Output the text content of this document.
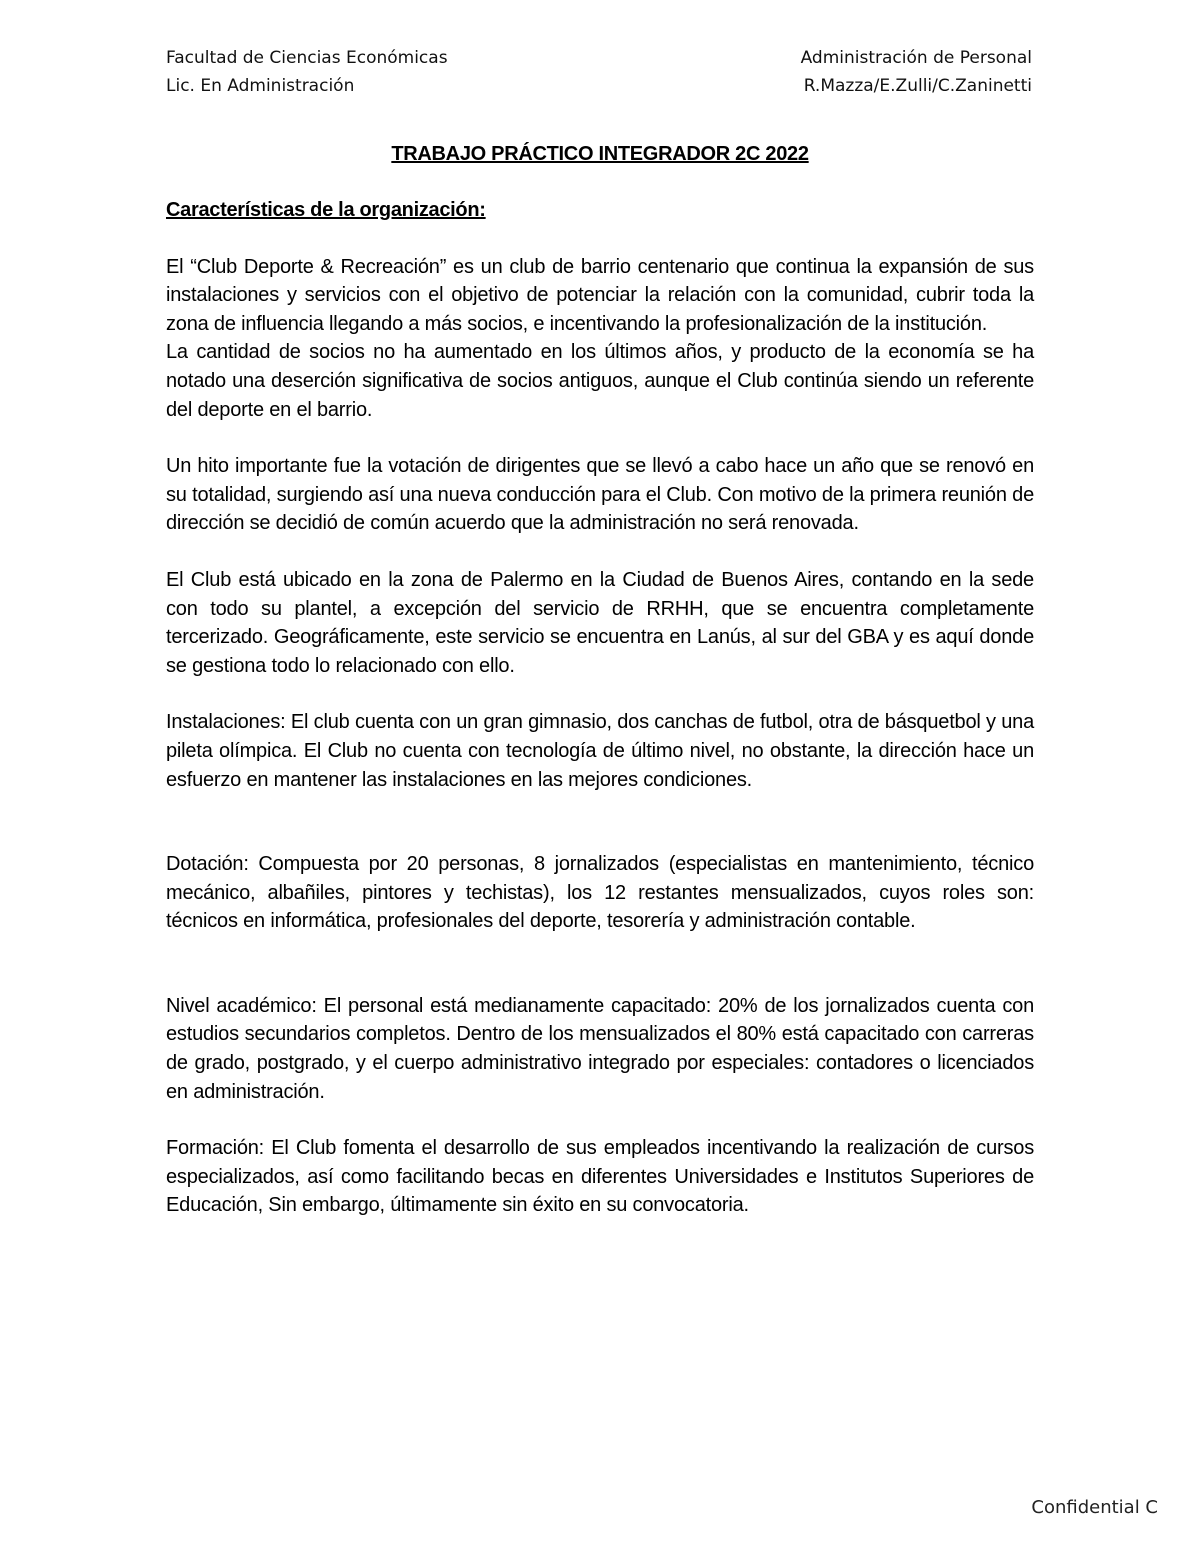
Facultad de Ciencias Económicas
Lic. En Administración
Administración de Personal
R.Mazza/E.Zulli/C.Zaninetti
TRABAJO PRÁCTICO INTEGRADOR 2C 2022
Características de la organización:

El “Club Deporte & Recreación” es un club de barrio centenario que continua la expansión de sus instalaciones y servicios con el objetivo de potenciar la relación con la comunidad, cubrir toda la zona de influencia llegando a más socios, e incentivando la profesionalización de la institución.

La cantidad de socios no ha aumentado en los últimos años, y producto de la economía se ha notado una deserción significativa de socios antiguos, aunque el Club continúa siendo un referente del deporte en el barrio.

Un hito importante fue la votación de dirigentes que se llevó a cabo hace un año que se renovó en su totalidad, surgiendo así una nueva conducción para el Club. Con motivo de la primera reunión de dirección se decidió de común acuerdo que la administración no será renovada.

El Club está ubicado en la zona de Palermo en la Ciudad de Buenos Aires, contando en la sede con todo su plantel, a excepción del servicio de RRHH, que se encuentra completamente tercerizado. Geográficamente, este servicio se encuentra en Lanús, al sur del GBA y es aquí donde se gestiona todo lo relacionado con ello.

Instalaciones: El club cuenta con un gran gimnasio, dos canchas de futbol, otra de básquetbol y una pileta olímpica. El Club no cuenta con tecnología de último nivel, no obstante, la dirección hace un esfuerzo en mantener las instalaciones en las mejores condiciones.

Dotación: Compuesta por 20 personas, 8 jornalizados (especialistas en mantenimiento, técnico mecánico, albañiles, pintores y techistas), los 12 restantes mensualizados, cuyos roles son: técnicos en informática, profesionales del deporte, tesorería y administración contable.

Nivel académico: El personal está medianamente capacitado: 20% de los jornalizados cuenta con estudios secundarios completos. Dentro de los mensualizados el 80% está capacitado con carreras de grado, postgrado, y el cuerpo administrativo integrado por especiales: contadores o licenciados en administración.

Formación: El Club fomenta el desarrollo de sus empleados incentivando la realización de cursos especializados, así como facilitando becas en diferentes Universidades e Institutos Superiores de Educación, Sin embargo, últimamente sin éxito en su convocatoria.

Confidential C
